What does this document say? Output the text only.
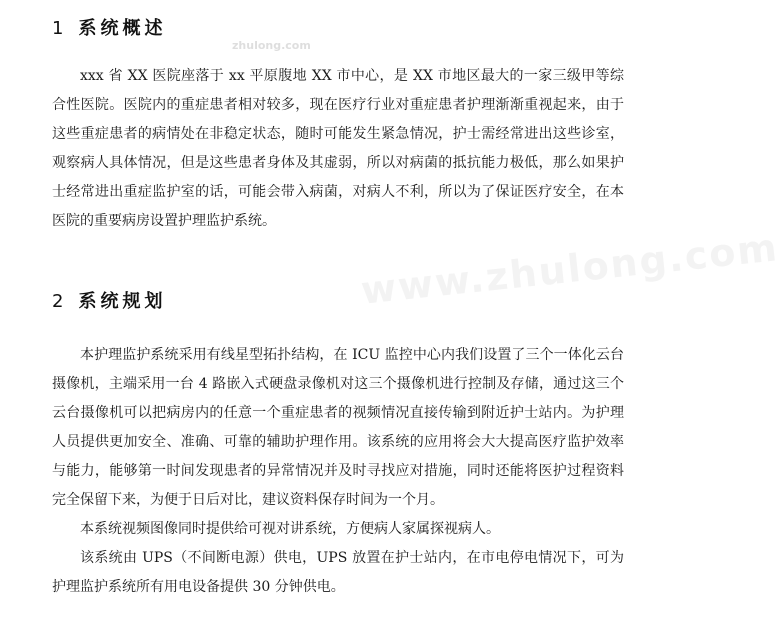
zhulong.com
www.zhulong.com
1 系统概述

xxx 省 XX 医院座落于 xx 平原腹地 XX 市中心，是 XX 市地区最大的一家三级甲等综合性医院。医院内的重症患者相对较多，现在医疗行业对重症患者护理渐渐重视起来，由于这些重症患者的病情处在非稳定状态，随时可能发生紧急情况，护士需经常进出这些诊室，观察病人具体情况，但是这些患者身体及其虚弱，所以对病菌的抵抗能力极低，那么如果护士经常进出重症监护室的话，可能会带入病菌，对病人不利，所以为了保证医疗安全，在本医院的重要病房设置护理监护系统。

2 系统规划

本护理监护系统采用有线星型拓扑结构，在 ICU 监控中心内我们设置了三个一体化云台摄像机，主端采用一台 4 路嵌入式硬盘录像机对这三个摄像机进行控制及存储，通过这三个云台摄像机可以把病房内的任意一个重症患者的视频情况直接传输到附近护士站内。为护理人员提供更加安全、准确、可靠的辅助护理作用。该系统的应用将会大大提高医疗监护效率与能力，能够第一时间发现患者的异常情况并及时寻找应对措施，同时还能将医护过程资料完全保留下来，为便于日后对比，建议资料保存时间为一个月。

本系统视频图像同时提供给可视对讲系统，方便病人家属探视病人。

该系统由 UPS（不间断电源）供电，UPS 放置在护士站内，在市电停电情况下，可为护理监护系统所有用电设备提供 30 分钟供电。
